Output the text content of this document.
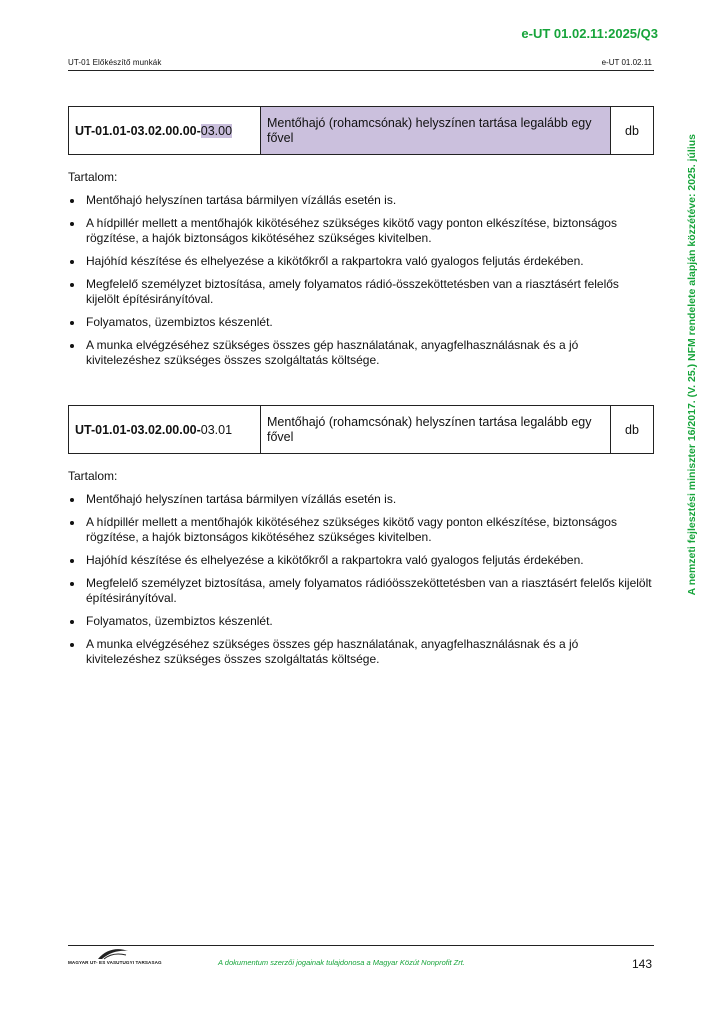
e-UT 01.02.11:2025/Q3
UT-01 Előkészítő munkák	e-UT 01.02.11
A nemzeti fejlesztési miniszter 16/2017. (V. 25.) NFM rendelete alapján közzétéve: 2025. július
UT-01.01-03.02.00.00-03.00	Mentőhajó (rohamcsónak) helyszínen tartása legalább egy fővel	db

Tartalom:

Mentőhajó helyszínen tartása bármilyen vízállás esetén is.
A hídpillér mellett a mentőhajók kikötéséhez szükséges kikötő vagy ponton elkészítése, biztonságos rögzítése, a hajók biztonságos kikötéséhez szükséges kivitelben.
Hajóhíd készítése és elhelyezése a kikötőkről a rakpartokra való gyalogos feljutás érdekében.
Megfelelő személyzet biztosítása, amely folyamatos rádió-összeköttetésben van a riasztásért felelős kijelölt építésirányítóval.
Folyamatos, üzembiztos készenlét.
A munka elvégzéséhez szükséges összes gép használatának, anyagfelhasználásnak és a jó kivitelezéshez szükséges összes szolgáltatás költsége.
UT-01.01-03.02.00.00-03.01	Mentőhajó (rohamcsónak) helyszínen tartása legalább egy fővel	db

Tartalom:

Mentőhajó helyszínen tartása bármilyen vízállás esetén is.
A hídpillér mellett a mentőhajók kikötéséhez szükséges kikötő vagy ponton elkészítése, biztonságos rögzítése, a hajók biztonságos kikötéséhez szükséges kivitelben.
Hajóhíd készítése és elhelyezése a kikötőkről a rakpartokra való gyalogos feljutás érdekében.
Megfelelő személyzet biztosítása, amely folyamatos rádióösszeköttetésben van a riasztásért felelős kijelölt építésirányítóval.
Folyamatos, üzembiztos készenlét.
A munka elvégzéséhez szükséges összes gép használatának, anyagfelhasználásnak és a jó kivitelezéshez szükséges összes szolgáltatás költsége.
MAGYAR UT- ES VASUTUGYI TARSASAG	A dokumentum szerzői jogainak tulajdonosa a Magyar Közút Nonprofit Zrt.	143
